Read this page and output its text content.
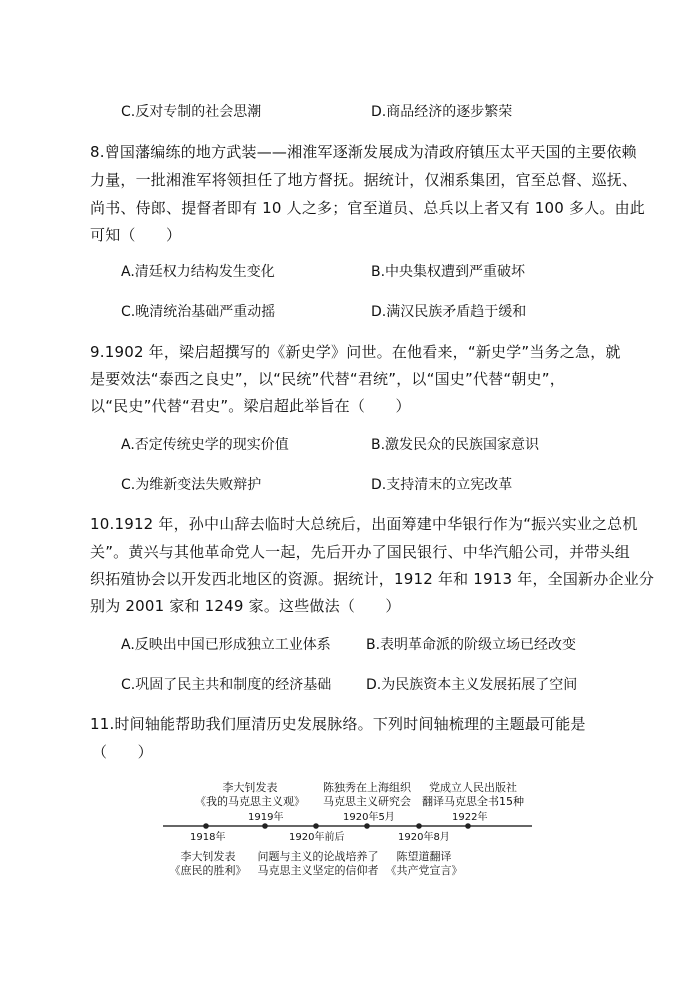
C.反对专制的社会思潮	D.商品经济的逐步繁荣
8.曾国藩编练的地方武装——湘淮军逐渐发展成为清政府镇压太平天国的主要依赖
力量，一批湘淮军将领担任了地方督抚。据统计，仅湘系集团，官至总督、巡抚、
尚书、侍郎、提督者即有 10 人之多；官至道员、总兵以上者又有 100 多人。由此
可知（　　）
A.清廷权力结构发生变化	B.中央集权遭到严重破坏
C.晚清统治基础严重动摇	D.满汉民族矛盾趋于缓和
9.1902 年，梁启超撰写的《新史学》问世。在他看来，“新史学”当务之急，就
是要效法“泰西之良史”，以“民统”代替“君统”，以“国史”代替“朝史”，
以“民史”代替“君史”。梁启超此举旨在（　　）
A.否定传统史学的现实价值	B.激发民众的民族国家意识
C.为维新变法失败辩护	D.支持清末的立宪改革
10.1912 年，孙中山辞去临时大总统后，出面筹建中华银行作为“振兴实业之总机
关”。黄兴与其他革命党人一起，先后开办了国民银行、中华汽船公司，并带头组
织拓殖协会以开发西北地区的资源。据统计，1912 年和 1913 年，全国新办企业分
别为 2001 家和 1249 家。这些做法（　　）
A.反映出中国已形成独立工业体系	B.表明革命派的阶级立场已经改变
C.巩固了民主共和制度的经济基础 D.为民族资本主义发展拓展了空间
11.时间轴能帮助我们厘清历史发展脉络。下列时间轴梳理的主题最可能是
（　　）
李大钊发表
《我的马克思主义观》
1919年
陈独秀在上海组织
马克思主义研究会
1920年5月
党成立人民出版社
翻译马克思全书15种
1922年
1918年
李大钊发表
《庶民的胜利》
1920年前后
问题与主义的论战培养了
马克思主义坚定的信仰者
1920年8月
陈望道翻译
《共产党宣言》
